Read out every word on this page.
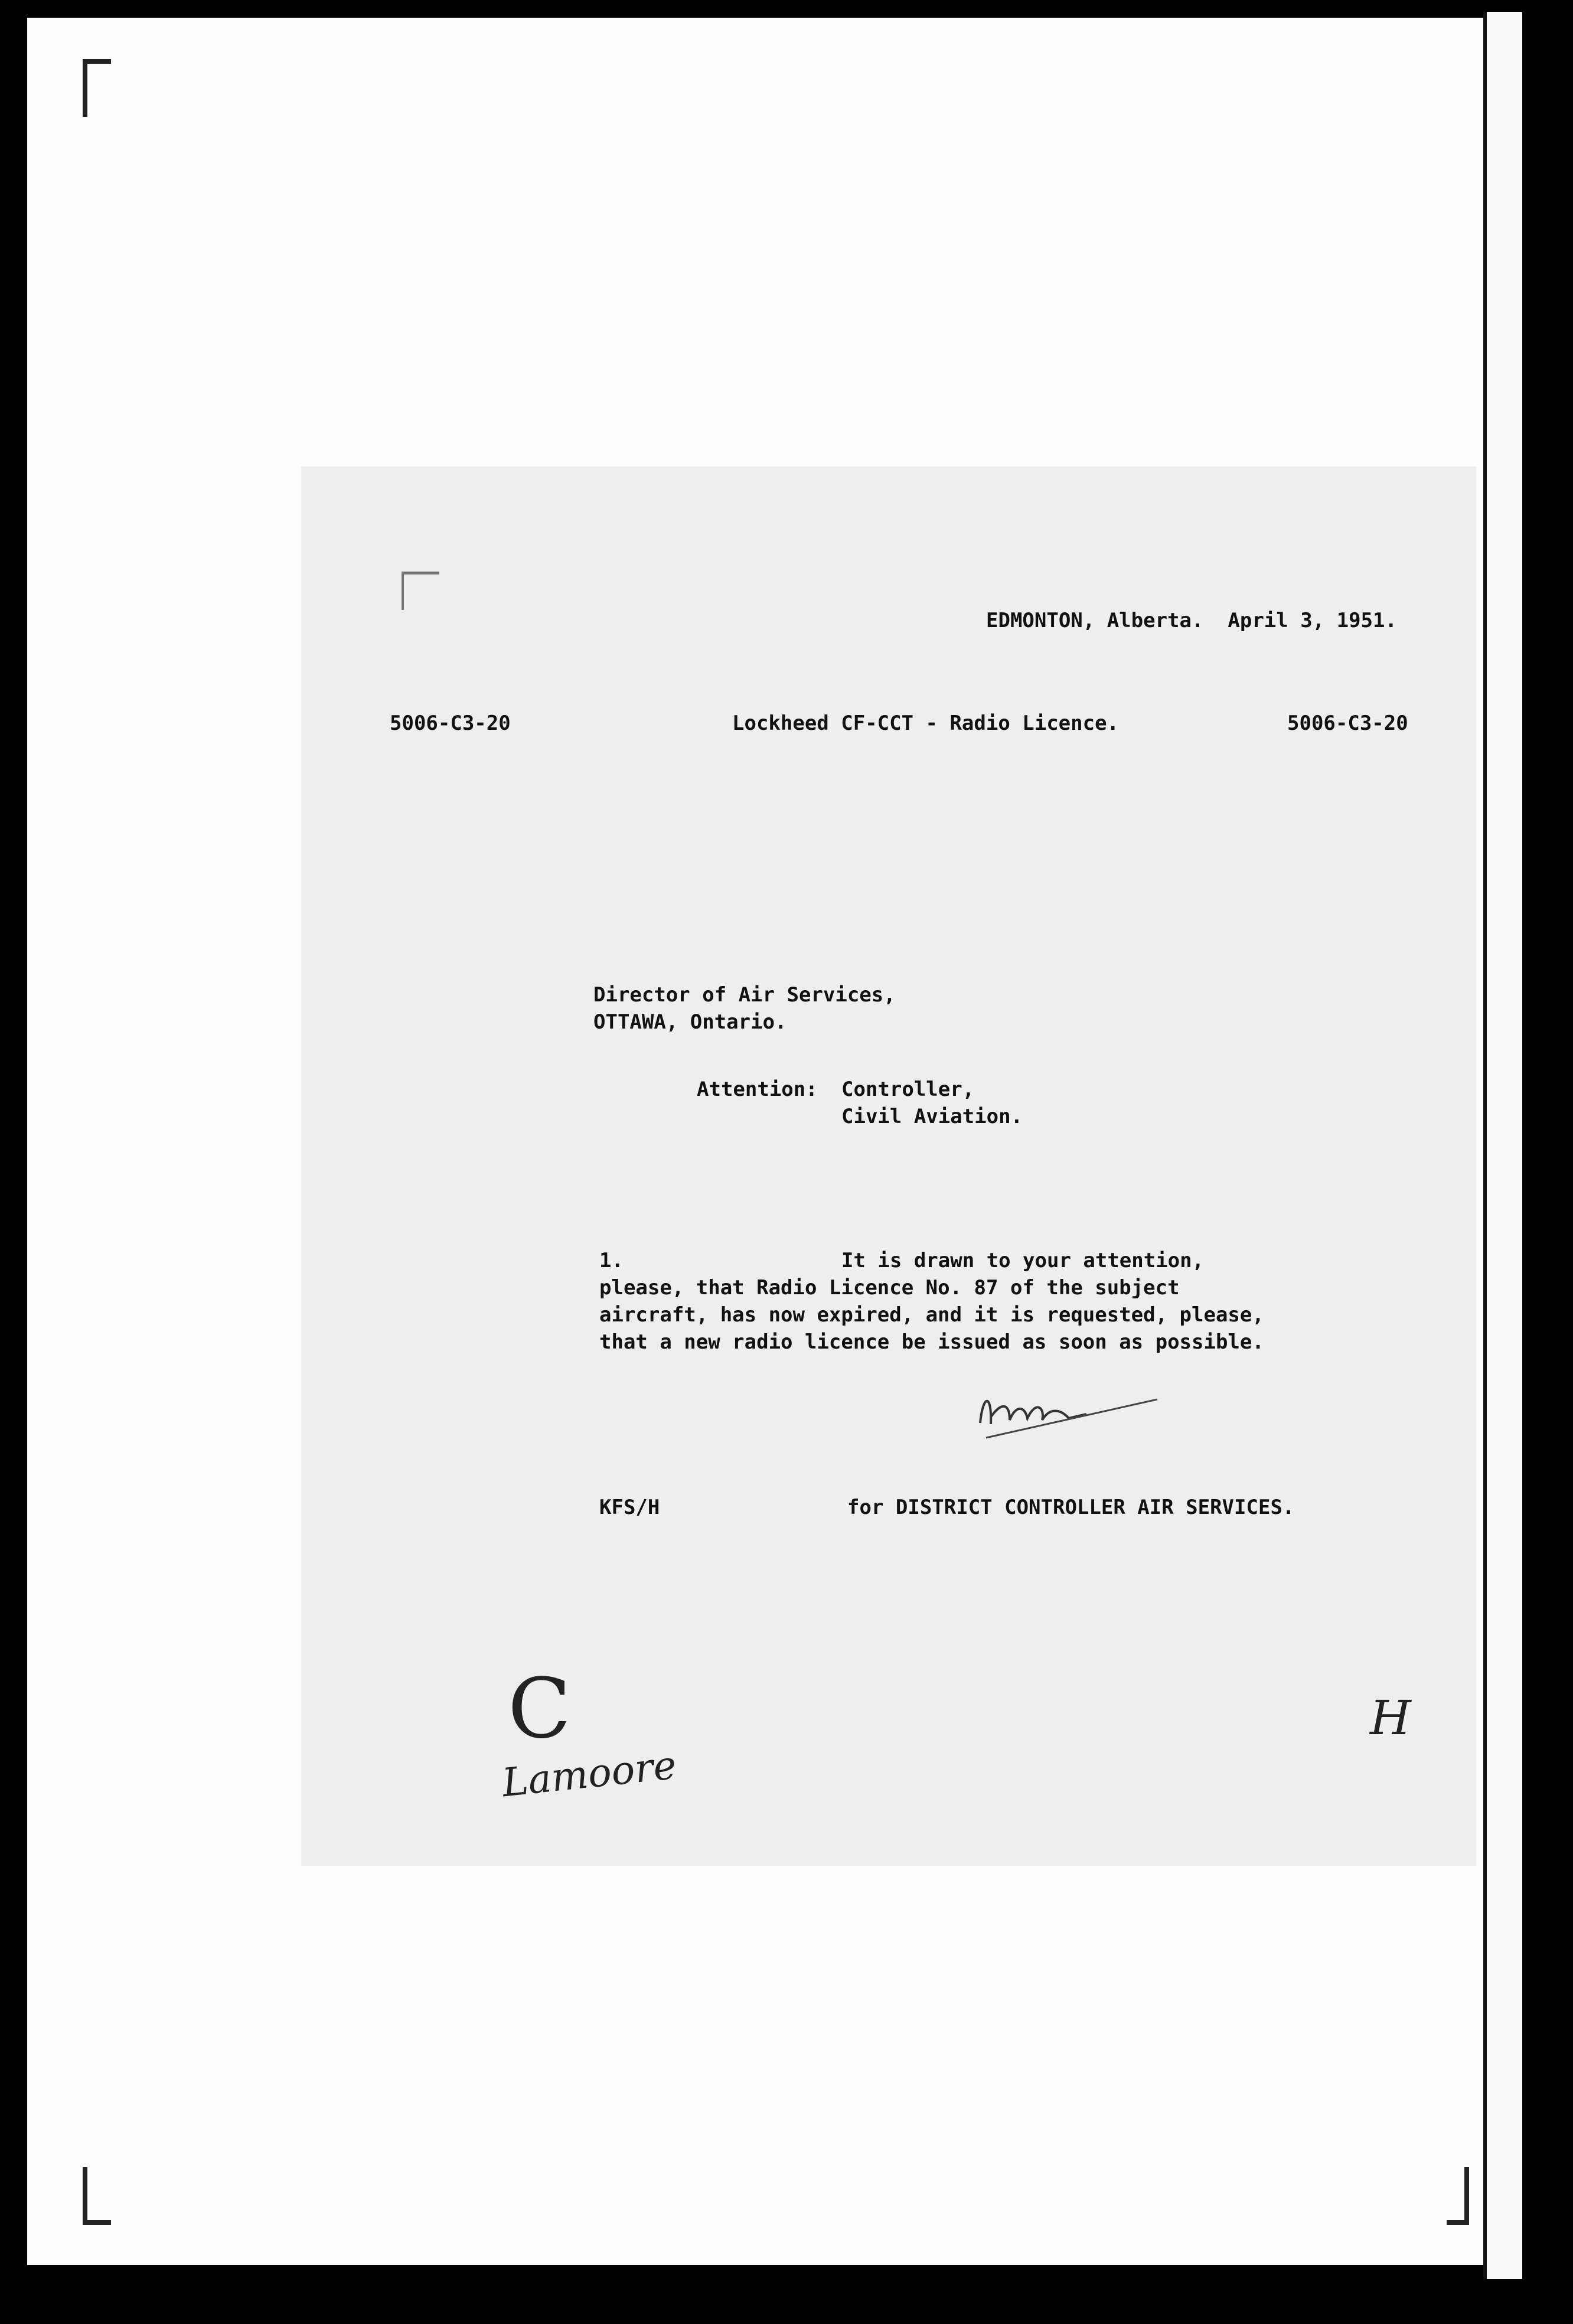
EDMONTON, Alberta.  April 3, 1951.
5006-C3-20	Lockheed CF-CCT - Radio Licence.	5006-C3-20
Director of Air Services,
OTTAWA, Ontario.
Attention: Controller,
Civil Aviation.
1.	It is drawn to your attention,
please, that Radio Licence No. 87 of the subject
aircraft, has now expired, and it is requested, please,
that a new radio licence be issued as soon as possible.
KFS/H	for DISTRICT CONTROLLER AIR SERVICES.
C
Lamoore
H
